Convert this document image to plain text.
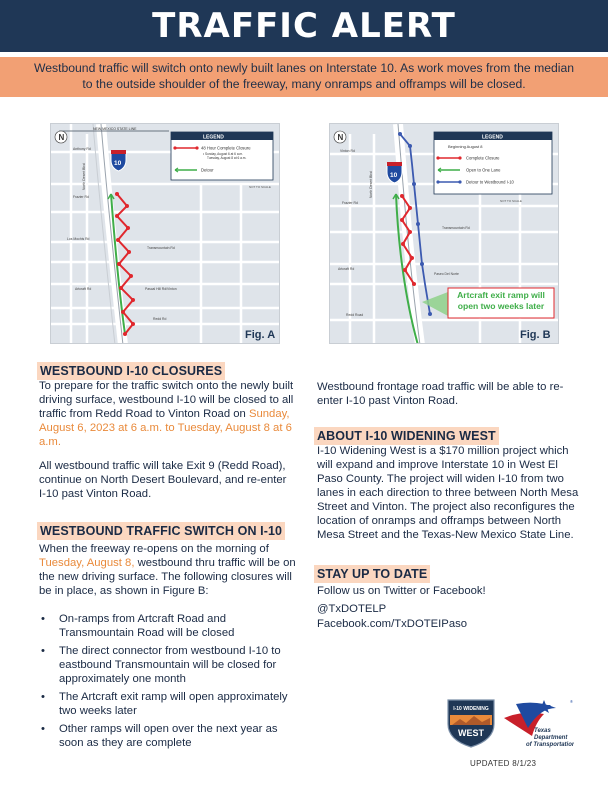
TRAFFIC ALERT
Westbound traffic will switch onto newly built lanes on Interstate 10. As work moves from the median to the outside shoulder of the freeway, many onramps and offramps will be closed.
NEW MEXICO STATE LINE
N
10
Anthony Rd
North Desert Blvd
Frazier Rd
Los Mochis Rd
Transmountain Rd
Artcraft Rd	Pascal Hill Rd/Vinton
Redd Rd
LEGEND
48 Hour Complete Closure
• Sunday, August 6 at 6 a.m.
Tuesday, August 8 at 6 a.m.
Detour
NOT TO SCALE
Fig. A
N
10
Vinton Rd
North Desert Blvd
Frazier Rd
Transmountain Rd
Artcraft Rd
Paseo Del Norte
Redd Road
LEGEND
Beginning August 8
Complete Closure
Open to One Lane
Detour to Westbound I-10
NOT TO SCALE
Artcraft exit ramp will open two weeks later
Fig. B
WESTBOUND I-10 CLOSURES
To prepare for the traffic switch onto the newly built driving surface, westbound I-10 will be closed to all traffic from Redd Road to Vinton Road on Sunday, August 6, 2023 at 6 a.m. to Tuesday, August 8 at 6 a.m.
All westbound traffic will take Exit 9 (Redd Road), continue on North Desert Boulevard, and re-enter I-10 past Vinton Road.
WESTBOUND TRAFFIC SWITCH ON I-10
When the freeway re-opens on the morning of Tuesday, August 8, westbound thru traffic will be on the new driving surface. The following closures will be in place, as shown in Figure B:
• On-ramps from Artcraft Road and Transmountain Road will be closed
• The direct connector from westbound I-10 to eastbound Transmountain will be closed for approximately one month
• The Artcraft exit ramp will open approximately two weeks later
• Other ramps will open over the next year as soon as they are complete
Westbound frontage road traffic will be able to re-enter I-10 past Vinton Road.
ABOUT I-10 WIDENING WEST
I-10 Widening West is a $170 million project which will expand and improve Interstate 10 in West El Paso County. The project will widen I-10 from two lanes in each direction to three between North Mesa Street and Vinton. The project also reconfigures the location of onramps and offramps between North Mesa Street and the Texas-New Mexico State Line.
STAY UP TO DATE
Follow us on Twitter or Facebook!
@TxDOTELP
Facebook.com/TxDOTEIPaso
I-10 WIDENING
WEST
®
Texas
Department
of Transportation
UPDATED 8/1/23
